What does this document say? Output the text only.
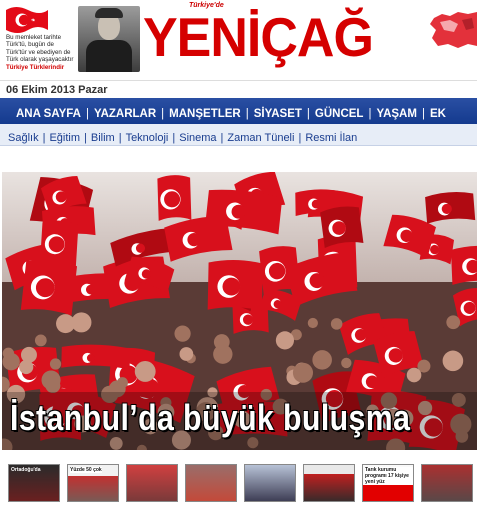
Bu memleket tarihte
Türk'tü, bugün de
Türk'tür ve ebediyen de
Türk olarak yaşayacaktır
Türkiye Türklerindir
Türkiye'de
YENİÇAĞ
06 Ekim 2013 Pazar
ANA SAYFA | YAZARLAR | MANŞETLER | SİYASET | GÜNCEL | YAŞAM | EK
Sağlık | Eğitim | Bilim | Teknoloji | Sinema | Zaman Tüneli | Resmi İlan
İstanbul’da büyük buluşma
Ortadoğu'da	Yüzde 50 çok	Tarık kurumu programı 17 kişiye yeni yüz
